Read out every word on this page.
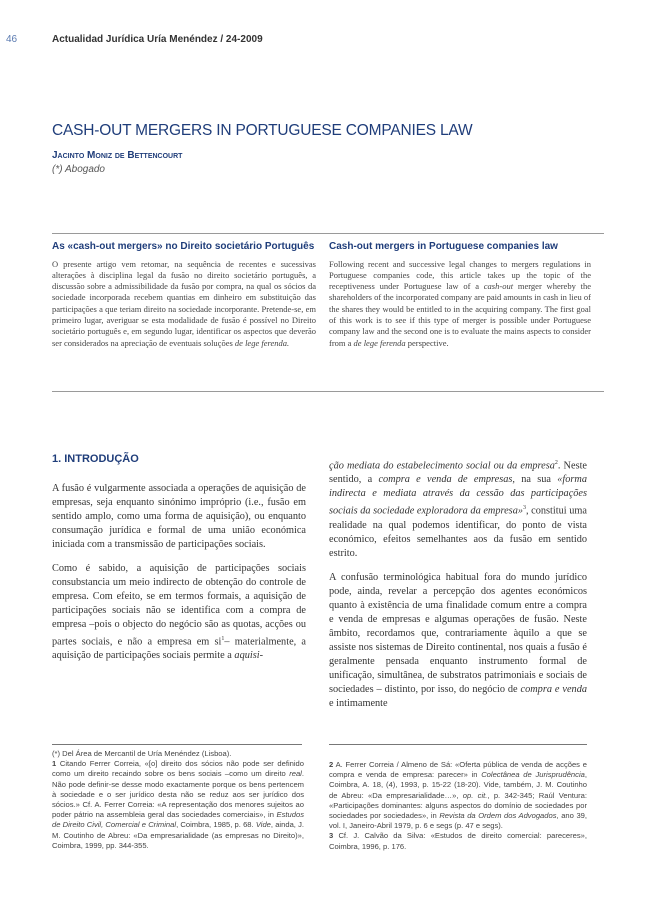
46	Actualidad Jurídica Uría Menéndez / 24-2009
CASH-OUT MERGERS IN PORTUGUESE COMPANIES LAW
Jacinto Moniz de Bettencourt
(*) Abogado
As «cash-out mergers» no Direito societário Português

O presente artigo vem retomar, na sequência de recentes e sucessivas alterações à disciplina legal da fusão no direito societário português, a discussão sobre a admissibilidade da fusão por compra, na qual os sócios da sociedade incorporada recebem quantias em dinheiro em substituição das participações a que teriam direito na sociedade incorporante. Pretende-se, em primeiro lugar, averiguar se esta modalidade de fusão é possível no Direito societário português e, em segundo lugar, identificar os aspectos que deverão ser considerados na apreciação de eventuais soluções de lege ferenda.

Cash-out mergers in Portuguese companies law

Following recent and successive legal changes to mergers regulations in Portuguese companies code, this article takes up the topic of the receptiveness under Portuguese law of a cash-out merger whereby the shareholders of the incorporated company are paid amounts in cash in lieu of the shares they would be entitled to in the acquiring company. The first goal of this work is to see if this type of merger is possible under Portuguese company law and the second one is to evaluate the mains aspects to consider from a de lege ferenda perspective.

1. INTRODUÇÃO

A fusão é vulgarmente associada a operações de aquisição de empresas, seja enquanto sinónimo impróprio (i.e., fusão em sentido amplo, como uma forma de aquisição), ou enquanto consumação jurídica e formal de uma união económica iniciada com a transmissão de participações sociais.

Como é sabido, a aquisição de participações sociais consubstancia um meio indirecto de obtenção do controle de empresa. Com efeito, se em termos formais, a aquisição de participações sociais não se identifica com a compra de empresa –pois o objecto do negócio são as quotas, acções ou partes sociais, e não a empresa em $si^1-$ materialmente, a aquisição de participações sociais permite a aquisi-

ção mediata do estabelecimento social ou da empresa$^2$. Neste sentido, a compra e venda de empresas, na sua «forma indirecta e mediata através da cessão das participações sociais da sociedade exploradora da empresa»$^3$, constitui uma realidade na qual podemos identificar, do ponto de vista económico, efeitos semelhantes aos da fusão em sentido estrito.

A confusão terminológica habitual fora do mundo jurídico pode, ainda, revelar a percepção dos agentes económicos quanto à existência de uma finalidade comum entre a compra e venda de empresas e algumas operações de fusão. Neste âmbito, recordamos que, contrariamente àquilo a que se assiste nos sistemas de Direito continental, nos quais a fusão é geralmente pensada enquanto instrumento formal de unificação, simultânea, de substratos patrimoniais e sociais de sociedades – distinto, por isso, do negócio de compra e venda e intimamente

(*) Del Área de Mercantil de Uría Menéndez (Lisboa).

1 Citando Ferrer Correia, «[o] direito dos sócios não pode ser definido como um direito recaindo sobre os bens sociais –como um direito real. Não pode definir-se desse modo exactamente porque os bens pertencem à sociedade e o ser jurídico desta não se reduz aos ser jurídico dos sócios.» Cf. A. Ferrer Correia: «A representação dos menores sujeitos ao poder pátrio na assembleia geral das sociedades comerciais», in Estudos de Direito Civil, Comercial e Criminal, Coimbra, 1985, p. 68. Vide, ainda, J. M. Coutinho de Abreu: «Da empresarialidade (as empresas no Direito)», Coimbra, 1999, pp. 344-355.

2 A. Ferrer Correia / Almeno de Sá: «Oferta pública de venda de acções e compra e venda de empresa: parecer» in Colectânea de Jurisprudência, Coimbra, A. 18, (4), 1993, p. 15-22 (18-20). Vide, também, J. M. Coutinho de Abreu: «Da empresarialidade…», op. cit., p. 342-345; Raúl Ventura: «Participações dominantes: alguns aspectos do domínio de sociedades por sociedades por sociedades», in Revista da Ordem dos Advogados, ano 39, vol. I, Janeiro-Abril 1979, p. 6 e segs (p. 47 e segs).

3 Cf. J. Calvão da Silva: «Estudos de direito comercial: pareceres», Coimbra, 1996, p. 176.
